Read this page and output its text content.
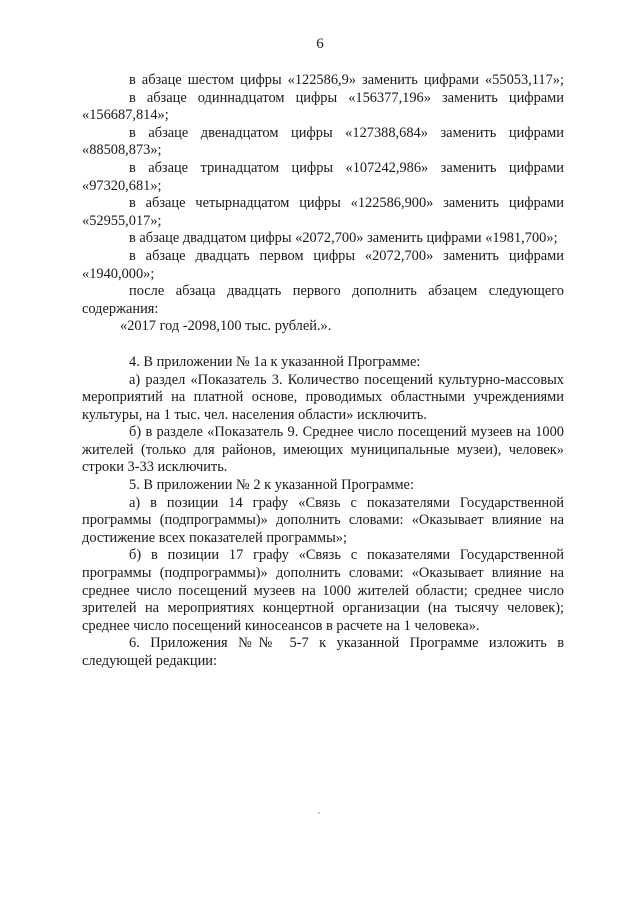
6

в абзаце шестом цифры «122586,9» заменить цифрами «55053,117»;

в абзаце одиннадцатом цифры «156377,196» заменить цифрами «156687,814»;

в абзаце двенадцатом цифры «127388,684» заменить цифрами «88508,873»;

в абзаце тринадцатом цифры «107242,986» заменить цифрами «97320,681»;

в абзаце четырнадцатом цифры «122586,900» заменить цифрами «52955,017»;

в абзаце двадцатом цифры «2072,700» заменить цифрами «1981,700»;

в абзаце двадцать первом цифры «2072,700» заменить цифрами «1940,000»;

после абзаца двадцать первого дополнить абзацем следующего содержания:

«2017 год -2098,100 тыс. рублей.».

4. В приложении № 1а к указанной Программе:

а) раздел «Показатель 3. Количество посещений культурно-массовых мероприятий на платной основе, проводимых областными учреждениями культуры, на 1 тыс. чел. населения области» исключить.

б) в разделе «Показатель 9. Среднее число посещений музеев на 1000 жителей (только для районов, имеющих муниципальные музеи), человек» строки 3-33 исключить.

5. В приложении № 2 к указанной Программе:

а) в позиции 14 графу «Связь с показателями Государственной программы (подпрограммы)» дополнить словами: «Оказывает влияние на достижение всех показателей программы»;

б) в позиции 17 графу «Связь с показателями Государственной программы (подпрограммы)» дополнить словами: «Оказывает влияние на среднее число посещений музеев на 1000 жителей области; среднее число зрителей на мероприятиях концертной организации (на тысячу человек); среднее число посещений киносеансов в расчете на 1 человека».

6. Приложения №№ 5-7 к указанной Программе изложить в следующей редакции:
